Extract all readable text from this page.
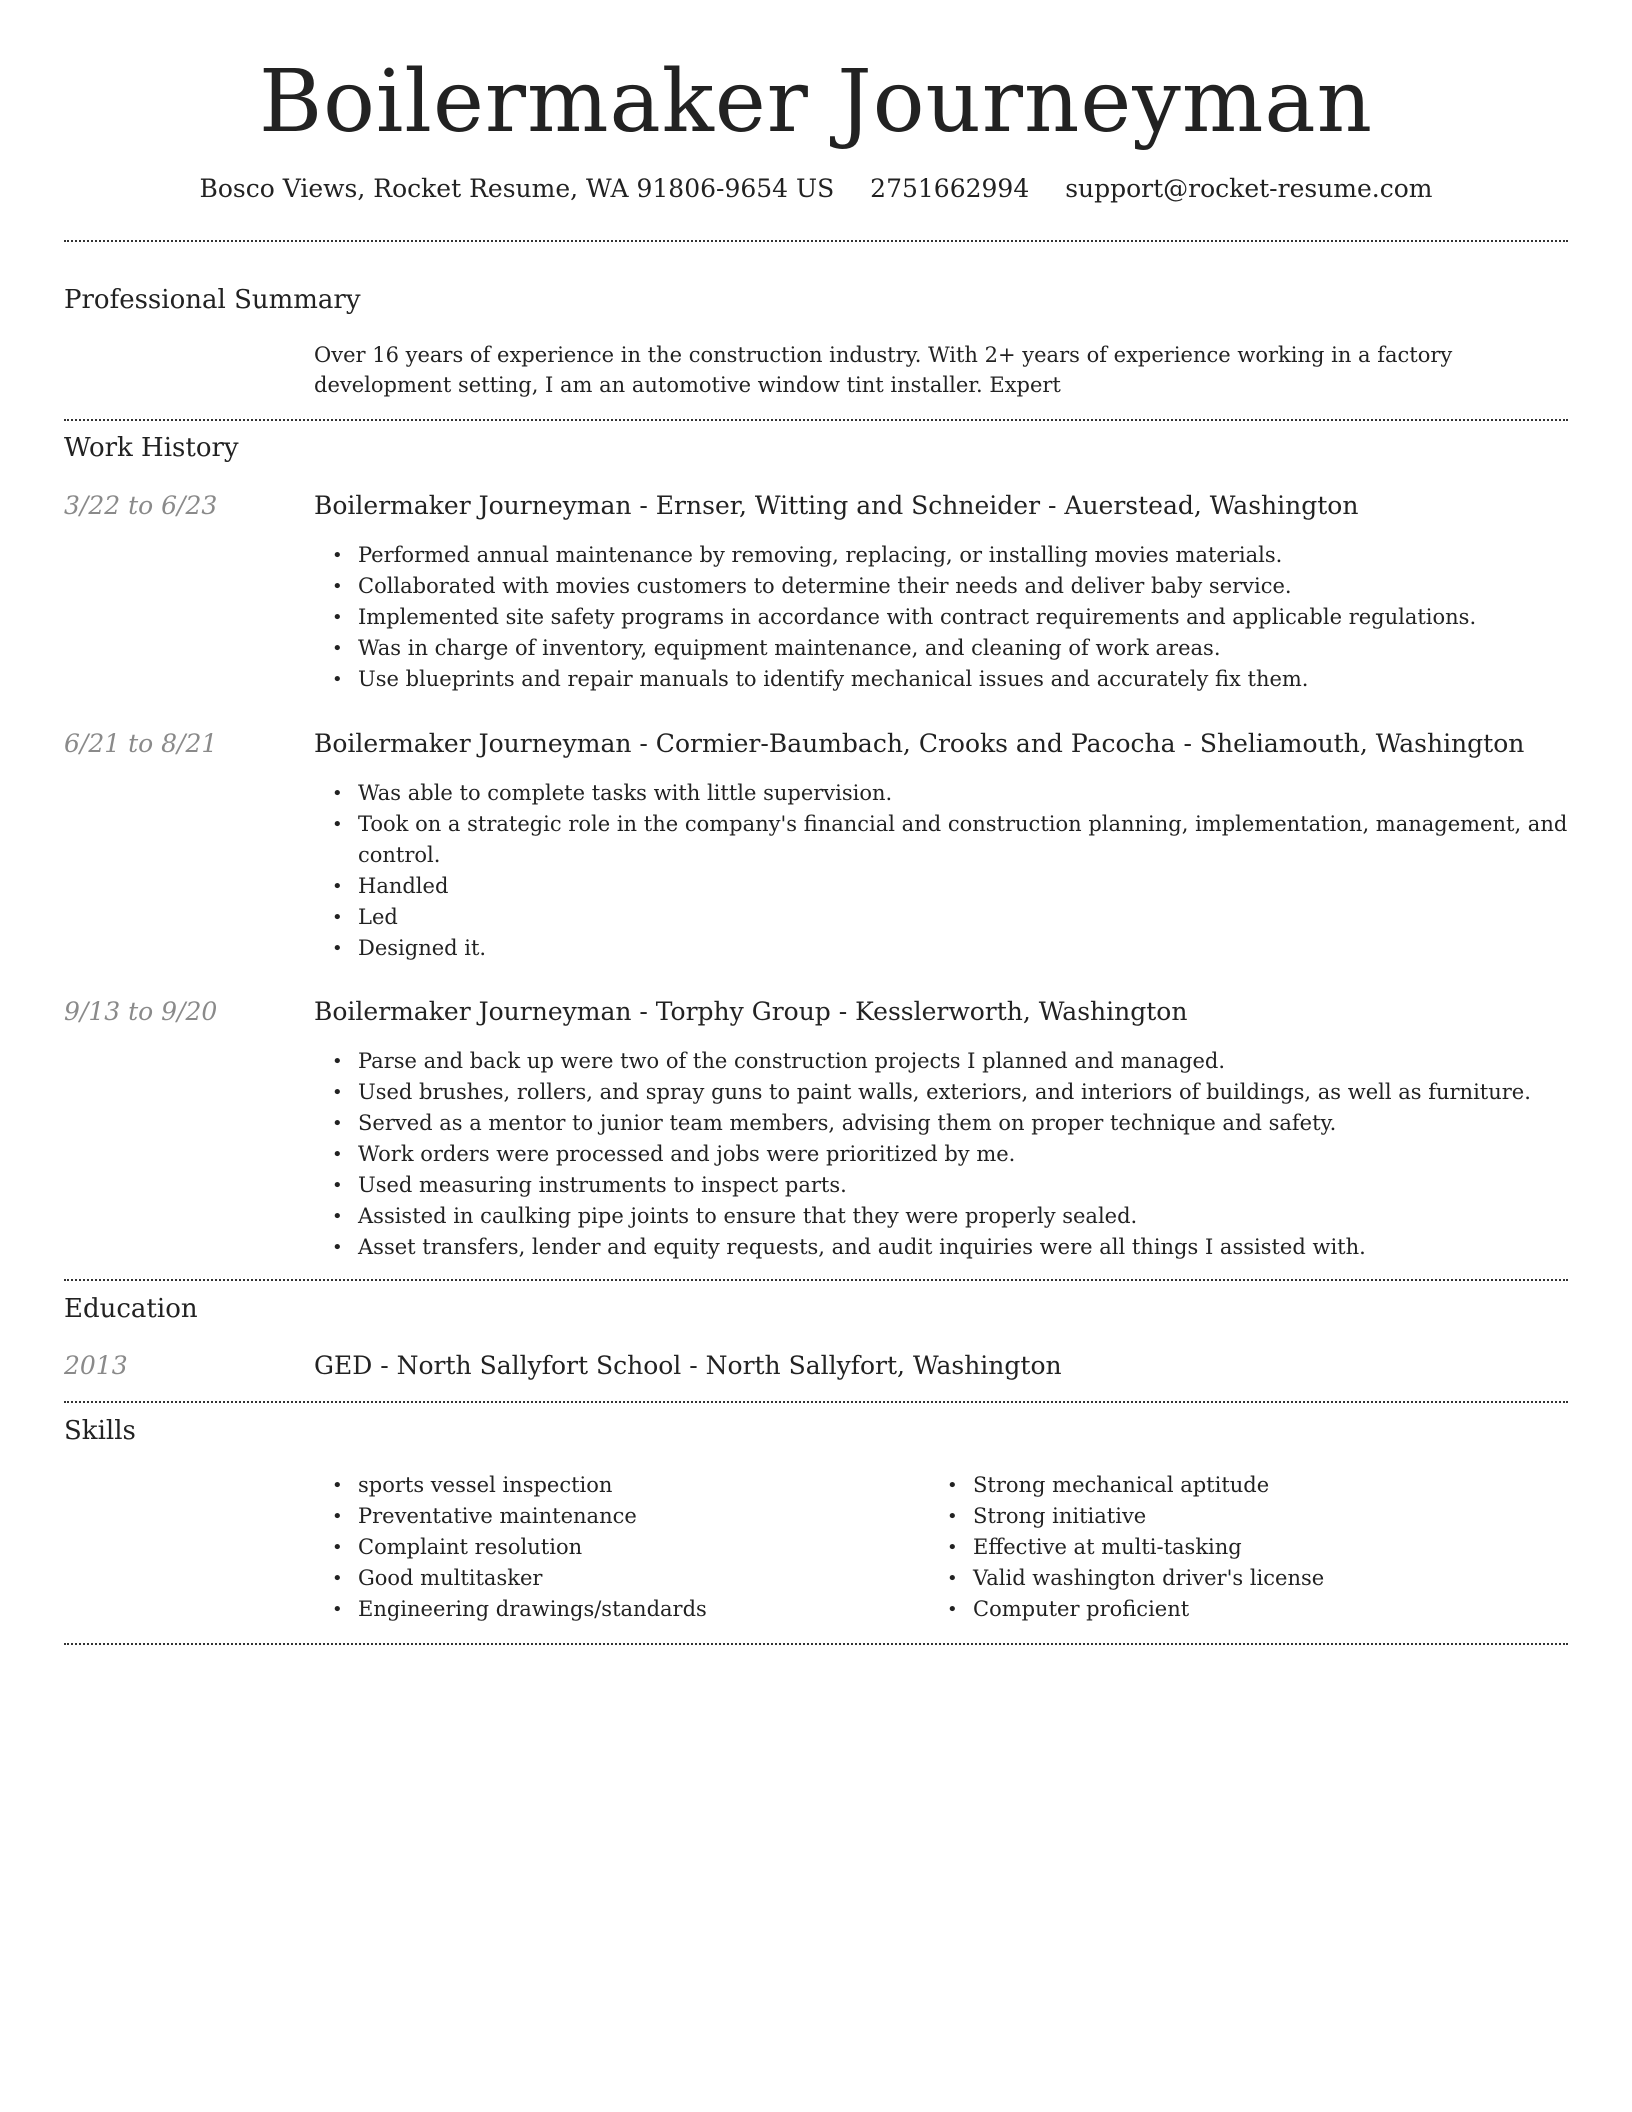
Boilermaker Journeyman
Bosco Views, Rocket Resume, WA 91806-9654 US 2751662994 support@rocket-resume.com
Professional Summary
Over 16 years of experience in the construction industry. With 2+ years of experience working in a factory development setting, I am an automotive window tint installer. Expert
Work History
3/22 to 6/23	Boilermaker Journeyman - Ernser, Witting and Schneider - Auerstead, Washington
• Performed annual maintenance by removing, replacing, or installing movies materials.
• Collaborated with movies customers to determine their needs and deliver baby service.
• Implemented site safety programs in accordance with contract requirements and applicable regulations.
• Was in charge of inventory, equipment maintenance, and cleaning of work areas.
• Use blueprints and repair manuals to identify mechanical issues and accurately fix them.
6/21 to 8/21	Boilermaker Journeyman - Cormier-Baumbach, Crooks and Pacocha - Sheliamouth, Washington
• Was able to complete tasks with little supervision.
• Took on a strategic role in the company's financial and construction planning, implementation, management, and control.
• Handled
• Led
• Designed it.
9/13 to 9/20	Boilermaker Journeyman - Torphy Group - Kesslerworth, Washington
• Parse and back up were two of the construction projects I planned and managed.
• Used brushes, rollers, and spray guns to paint walls, exteriors, and interiors of buildings, as well as furniture.
• Served as a mentor to junior team members, advising them on proper technique and safety.
• Work orders were processed and jobs were prioritized by me.
• Used measuring instruments to inspect parts.
• Assisted in caulking pipe joints to ensure that they were properly sealed.
• Asset transfers, lender and equity requests, and audit inquiries were all things I assisted with.
Education
2013	GED - North Sallyfort School - North Sallyfort, Washington
Skills
• sports vessel inspection
• Preventative maintenance
• Complaint resolution
• Good multitasker
• Engineering drawings/standards
• Strong mechanical aptitude
• Strong initiative
• Effective at multi-tasking
• Valid washington driver's license
• Computer proficient
